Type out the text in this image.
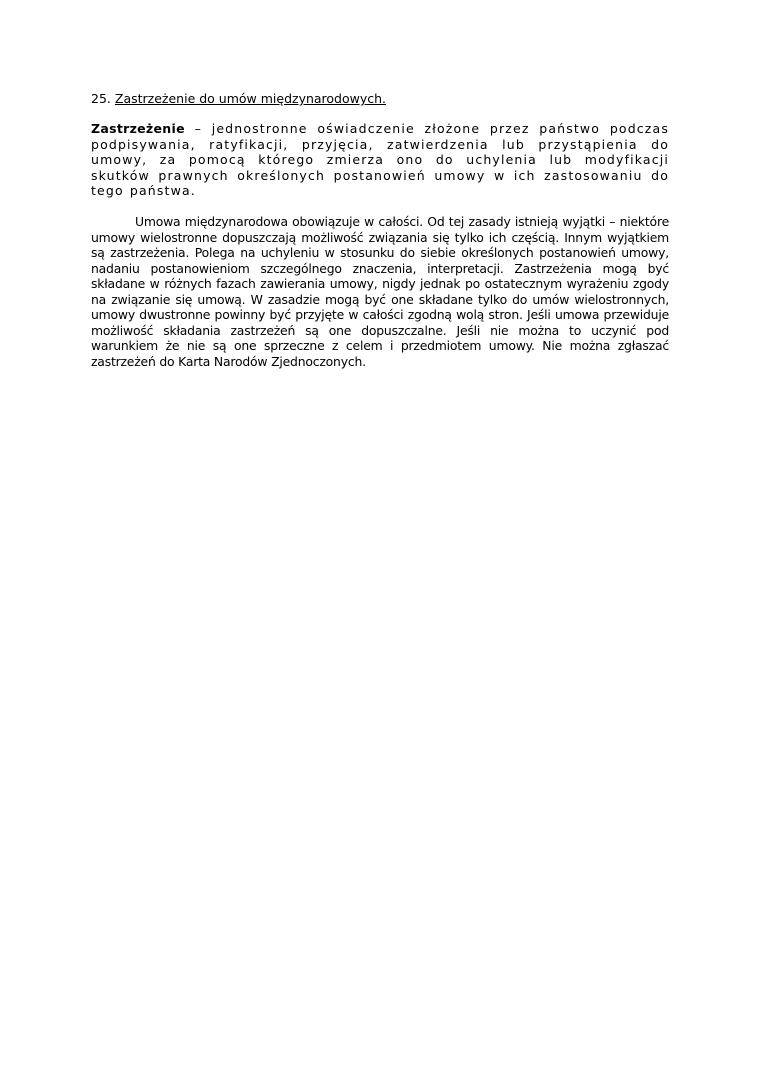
25. Zastrzeżenie do umów międzynarodowych.

Zastrzeżenie – jednostronne oświadczenie złożone przez państwo podczas podpisywania, ratyfikacji, przyjęcia, zatwierdzenia lub przystąpienia do umowy, za pomocą którego zmierza ono do uchylenia lub modyfikacji skutków prawnych określonych postanowień umowy w ich zastosowaniu do tego państwa.

Umowa międzynarodowa obowiązuje w całości. Od tej zasady istnieją wyjątki – niektóre umowy wielostronne dopuszczają możliwość związania się tylko ich częścią. Innym wyjątkiem są zastrzeżenia. Polega na uchyleniu w stosunku do siebie określonych postanowień umowy, nadaniu postanowieniom szczególnego znaczenia, interpretacji. Zastrzeżenia mogą być składane w różnych fazach zawierania umowy, nigdy jednak po ostatecznym wyrażeniu zgody na związanie się umową. W zasadzie mogą być one składane tylko do umów wielostronnych, umowy dwustronne powinny być przyjęte w całości zgodną wolą stron. Jeśli umowa przewiduje możliwość składania zastrzeżeń są one dopuszczalne. Jeśli nie można to uczynić pod warunkiem że nie są one sprzeczne z celem i przedmiotem umowy. Nie można zgłaszać zastrzeżeń do Karta Narodów Zjednoczonych.
